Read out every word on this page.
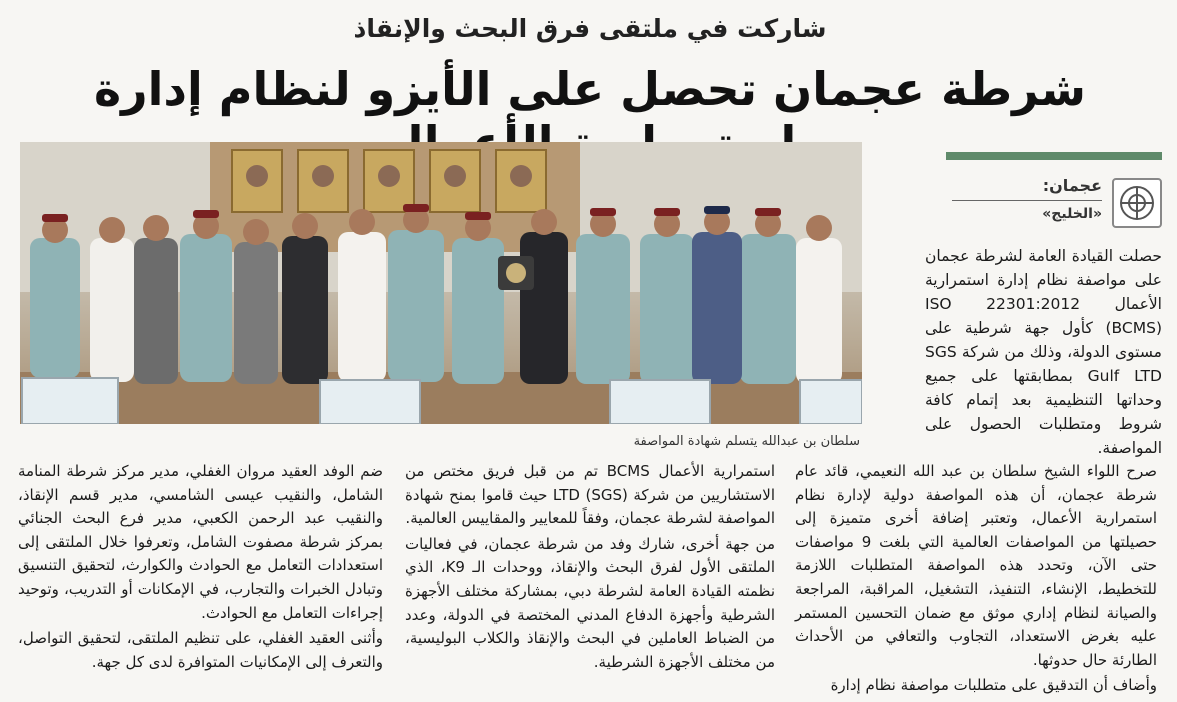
شاركت في ملتقى فرق البحث والإنقاذ
شرطة عجمان تحصل على الأيزو لنظام إدارة
سلطان بن عبدالله يتسلم شهادة المواصفة
عجمان:
«الخليج»
حصلت القيادة العامة لشرطة عجمان على مواصفة نظام إدارة استمرارية الأعمال ISO 22301:2012 (BCMS) كأول جهة شرطية على مستوى الدولة، وذلك من شركة SGS Gulf LTD بمطابقتها على جميع وحداتها التنظيمية بعد إتمام كافة شروط ومتطلبات الحصول على المواصفة.

صرح اللواء الشيخ سلطان بن عبد الله النعيمي، قائد عام شرطة عجمان، أن هذه المواصفة دولية لإدارة نظام استمرارية الأعمال، وتعتبر إضافة أخرى متميزة إلى حصيلتها من المواصفات العالمية التي بلغت 9 مواصفات حتى الآن، وتحدد هذه المواصفة المتطلبات اللازمة للتخطيط، الإنشاء، التنفيذ، التشغيل، المراقبة، المراجعة والصيانة لنظام إداري موثق مع ضمان التحسين المستمر عليه بغرض الاستعداد، التجاوب والتعافي من الأحداث الطارئة حال حدوثها.

وأضاف أن التدقيق على متطلبات مواصفة نظام إدارة

استمرارية الأعمال BCMS تم من قبل فريق مختص من الاستشاريين من شركة (SGS) LTD حيث قاموا بمنح شهادة المواصفة لشرطة عجمان، وفقاً للمعايير والمقاييس العالمية.

من جهة أخرى، شارك وفد من شرطة عجمان، في فعاليات الملتقى الأول لفرق البحث والإنقاذ، ووحدات الـ K9، الذي نظمته القيادة العامة لشرطة دبي، بمشاركة مختلف الأجهزة الشرطية وأجهزة الدفاع المدني المختصة في الدولة، وعدد من الضباط العاملين في البحث والإنقاذ والكلاب البوليسية، من مختلف الأجهزة الشرطية.

ضم الوفد العقيد مروان الغفلي، مدير مركز شرطة المنامة الشامل، والنقيب عيسى الشامسي، مدير قسم الإنقاذ، والنقيب عبد الرحمن الكعبي، مدير فرع البحث الجنائي بمركز شرطة مصفوت الشامل، وتعرفوا خلال الملتقى إلى استعدادات التعامل مع الحوادث والكوارث، لتحقيق التنسيق وتبادل الخبرات والتجارب، في الإمكانات أو التدريب، وتوحيد إجراءات التعامل مع الحوادث.

وأثنى العقيد الغفلي، على تنظيم الملتقى، لتحقيق التواصل، والتعرف إلى الإمكانيات المتوافرة لدى كل جهة.
